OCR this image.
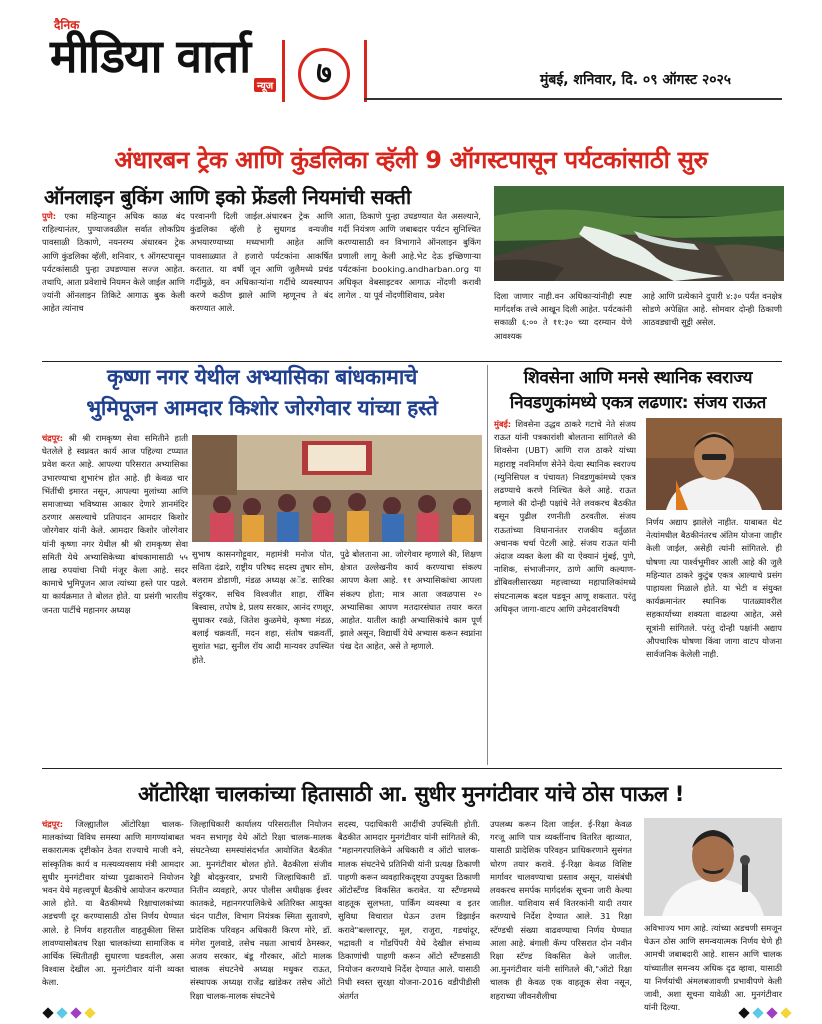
दैनिक
मीडिया वार्ता
न्यूज ७	मुंबई, शनिवार, दि. ०९ ऑगस्ट २०२५
अंधारबन ट्रेक आणि कुंडलिका व्हॅली 9 ऑगस्टपासून पर्यटकांसाठी सुरु
ऑनलाइन बुकिंग आणि इको फ्रेंडली नियमांची सक्ती

पुणे: एका महिन्याहून अधिक काळ बंद राहिल्यानंतर, पुण्याजवळील सर्वात लोकप्रिय पावसाळी ठिकाणे, नयनरम्य अंधारबन ट्रेक आणि कुंडलिका व्हॅली, शनिवार, ९ ऑगस्टपासून पर्यटकांसाठी पुन्हा उघडण्यास सज्ज आहेत. तथापि, आता प्रवेशाचे नियमन केले जाईल आणि ज्यांनी ऑनलाइन तिकिटे आगाऊ बुक केली आहेत त्यांनाच

परवानगी दिली जाईल.अंधारबन ट्रेक आणि कुंडलिका व्हॅली हे सुधागड वन्यजीव अभयारण्याच्या मध्यभागी आहेत आणि पावसाळ्यात ते हजारो पर्यटकांना आकर्षित करतात. या वर्षी जून आणि जुलैमध्ये प्रचंड गर्दीमुळे, वन अधिकाऱ्यांना गर्दीचे व्यवस्थापन करणे कठीण झाले आणि म्हणूनच ते बंद करण्यात आले.

आता, ठिकाणे पुन्हा उघडण्यात येत असल्याने, गर्दी नियंत्रण आणि जबाबदार पर्यटन सुनिश्चित करण्यासाठी वन विभागाने ऑनलाइन बुकिंग प्रणाली लागू केली आहे.भेट देऊ इच्छिणाऱ्या पर्यटकांना booking.andharban.org या अधिकृत वेबसाइटवर आगाऊ नोंदणी करावी लागेल . या पूर्व नोंदणीशिवाय, प्रवेश	दिला जाणार नाही.वन अधिकाऱ्यांनीही स्पष्ट मार्गदर्शक तत्त्वे आखून दिली आहेत. पर्यटकांनी सकाळी ६:०० ते ११:३० च्या दरम्यान येणे आवश्यक

आहे आणि प्रत्येकाने दुपारी ४:३० पर्यंत वनक्षेत्र सोडणे अपेक्षित आहे. सोमवार दोन्ही ठिकाणी आठवड्याची सुट्टी असेल.

कृष्णा नगर येथील अभ्यासिका बांधकामाचे
भुमिपूजन आमदार किशोर जोरगेवार यांच्या हस्ते

चंद्रपूर: श्री श्री रामकृष्ण सेवा समितीने हाती घेतलेले हे स्वप्नवत कार्य आज पहिल्या टप्प्यात प्रवेश करत आहे. आपल्या परिसरात अभ्यासिका उभारण्याचा शुभारंभ होत आहे. ही केवळ चार भिंतींची इमारत नसून, आपल्या मुलांच्या आणि समाजाच्या भविष्यास आकार देणारे ज्ञानमंदिर ठरणार असल्याचे प्रतिपादन आमदार किशोर जोरगेवार यांनी केले. आमदार किशोर जोरगेवार यांनी कृष्णा नगर येथील श्री श्री रामकृष्ण सेवा समिती येथे अभ्यासिकेच्या बांधकामासाठी ५५ लाख रुपयांचा निधी मंजूर केला आहे. सदर कामाचे भुमिपूजन आज त्यांच्या हस्ते पार पडले. या कार्यक्रमात ते बोलत होते. या प्रसंगी भारतीय जनता पार्टीचे महानगर अध्यक्ष

सुभाष कासनगोट्टूवार, महामंत्री मनोज पोत, सविता दंढारे, राष्ट्रीय परिषद सदस्य तुषार सोम, बलराम डोडाणी, मंडळ अध्यक्ष अॅड. सारिका संदुरकर, सचिव विश्वजीत शाहा, रॉबिन बिस्वास, तपोष डे, प्रलय सरकार, आनंद रणशूर, सुधाकर रवळे, जितेश कुळमेथे, कृष्णा मंडळ, बलाई चक्रवर्ती, मदन शहा, संतोष चक्रवर्ती, सुशांत भद्रा, सुनील रॉय आदी मान्यवर उपस्थित होते.

पुढे बोलताना आ. जोरगेवार म्हणाले की, शिक्षण क्षेत्रात उल्लेखनीय कार्य करण्याचा संकल्प आपण केला आहे. ११ अभ्यासिकांचा आपला संकल्प होता; मात्र आता जवळपास २० अभ्यासिका आपण मतदारसंघात तयार करत आहोत. यातील काही अभ्यासिकांचे काम पूर्ण झाले असून, विद्यार्थी येथे अभ्यास करून स्वप्नांना पंख देत आहेत, असे ते म्हणाले.

शिवसेना आणि मनसे स्थानिक स्वराज्य
निवडणुकांमध्ये एकत्र लढणार: संजय राऊत

मुंबई: शिवसेना उद्धव ठाकरे गटाचे नेते संजय राऊत यांनी पत्रकारांशी बोलताना सांगितले की शिवसेना (UBT) आणि राज ठाकरे यांच्या महाराष्ट्र नवनिर्माण सेनेने येत्या स्थानिक स्वराज्य (म्युनिसिपल व पंचायत) निवडणुकांमध्ये एकत्र लढण्याचे करणे निश्चित केले आहे. राऊत म्हणाले की दोन्ही पक्षांचे नेते लवकरच बैठकीत बसून पुढील रणनीती ठरवतील. संजय राऊतांच्या विधानानंतर राजकीय वर्तुळात अचानक चर्चा पेटली आहे. संजय राऊत यांनी अंदाज व्यक्त केला की या ऐक्यानं मुंबई, पुणे, नाशिक, संभाजीनगर, ठाणे आणि कल्याण-डोंबिवलीसारख्या महत्त्वाच्या महापालिकांमध्ये संघटनात्मक बदल घडवून आणू शकतात. परंतु अधिकृत जागा-वाटप आणि उमेदवारविषयी

निर्णय अद्याप झालेले नाहीत. याबाबत थेट नेत्यांमधील बैठकीनंतरच अंतिम योजना जाहीर केली जाईल, असेही त्यांनी सांगितले. ही घोषणा त्या पार्श्वभूमीवर आली आहे की जुलै महिन्यात ठाकरे कुटुंब एकत्र आल्याचे प्रसंग पाहायला मिळाले होते. या भेटी व संयुक्त कार्यक्रमानंतर स्थानिक पातळ्यावरील सहकार्याच्या शक्यता वाढल्या आहेत, असे सूत्रांनी सांगितले. परंतु दोन्ही पक्षांनी अद्याप औपचारिक घोषणा किंवा जागा वाटप योजना सार्वजनिक केलेली नाही.

ऑटोरिक्षा चालकांच्या हितासाठी आ. सुधीर मुनगंटीवार यांचे ठोस पाऊल !

चंद्रपूर: जिल्ह्यातील ऑटोरिक्षा चालक-मालकांच्या विविध समस्या आणि मागण्यांबाबत सकारात्मक दृष्टीकोन ठेवत राज्याचे माजी वने, सांस्कृतिक कार्य व मत्स्यव्यवसाय मंत्री आमदार सुधीर मुनगंटीवार यांच्या पुढाकाराने नियोजन भवन येथे महत्त्वपूर्ण बैठकीचे आयोजन करण्यात आले होते. या बैठकीमध्ये रिक्षाचालकांच्या अडचणी दूर करण्यासाठी ठोस निर्णय घेण्यात आले. हे निर्णय शहरातील वाहतुकीला शिस्त लावण्यासोबतच रिक्षा चालकांच्या सामाजिक व आर्थिक स्थितीतही सुधारणा घडवतील, असा विश्वास देखील आ. मुनगंटीवार यांनी व्यक्त केला.

जिल्हाधिकारी कार्यालय परिसरातील नियोजन भवन सभागृह येथे ऑटो रिक्षा चालक-मालक संघटनेच्या समस्यांसंदर्भात आयोजित बैठकीत आ. मुनगंटीवार बोलत होते. बैठकीला संजीव रेड्डी बोदकुरवार, प्रभारी जिल्हाधिकारी डॉ. नितीन व्यवहारे, अपर पोलीस अधीक्षक ईश्वर कातकडे, महानगरपालिकेचे अतिरिक्त आयुक्त चंदन पाटील, विभाग नियंत्रक स्मिता सुतावणे, प्रादेशिक परिवहन अधिकारी किरण मोरे, डॉ. मंगेश गुलवाडे, तसेच नम्रता आचार्य ठेमस्कर, अजय सरकार, बंडू गौरकार, ऑटो मालक चालक संघटनेचे अध्यक्ष मधुकर राऊत, संस्थापक अध्यक्ष राजेंद्र खांडेकर तसेच ऑटो रिक्षा चालक-मालक संघटनेचे

सदस्य, पदाधिकारी आदींची उपस्थिती होती. बैठकीत आमदार मुनगंटीवार यांनी सांगितले की, "महानगरपालिकेने अधिकारी व ऑटो चालक-मालक संघटनेचे प्रतिनिधी यांनी प्रत्यक्ष ठिकाणी पाहणी करून व्यवहारिकदृष्ट्या उपयुक्त ठिकाणी ऑटोस्टँण्ड विकसित करावेत. या स्टँण्डमध्ये वाहतूक सुलभता, पार्किंग व्यवस्था व इतर सुविधा विचारात घेऊन उत्तम डिझाईन करावे"बल्लारपूर, मूल, राजुरा, गडचांदूर, भद्रावती व गोंडपिंपरी येथे देखील संभाव्य ठिकाणांची पाहणी करून ऑटो स्टँण्डसाठी नियोजन करण्याचे निर्देश देण्यात आले. यासाठी निधी स्वस्त सुरक्षा योजना-2016 वडीपीडीसी अंतर्गत

उपलब्ध करून दिला जाईल. ई-रिक्षा केवळ गरजू आणि पात्र व्यक्तींनाच वितरित व्हाव्यात, यासाठी प्रादेशिक परिवहन प्राधिकरणाने सुसंगत धोरण तयार करावे. ई-रिक्षा केवळ विशिष्ट मार्गावर चालवण्याचा प्रस्ताव असून, यासंबंधी लवकरच समर्पक मार्गदर्शक सूचना जारी केल्या जातील. याशिवाय सर्व वितरकांनी यादी तयार करण्याचे निर्देश देण्यात आले. 31 रिक्षा स्टॅण्डची संख्या वाढवण्याचा निर्णय घेण्यात आला आहे. बंगाली कॅम्प परिसरात दोन नवीन रिक्षा स्टॅण्ड विकसित केले जातील. आ.मुनगंटीवार यांनी सांगितले की,"ऑटो रिक्षा चालक ही केवळ एक वाहतूक सेवा नसून, शहराच्या जीवनशैलीचा

अविभाज्य भाग आहे. त्यांच्या अडचणी समजून घेऊन ठोस आणि समन्वयात्मक निर्णय घेणे ही आमची जबाबदारी आहे. शासन आणि चालक यांच्यातील समन्वय अधिक दृढ व्हावा, यासाठी या निर्णयांची अंमलबजावणी प्रभावीपणे केली जावी, अशा सूचना यावेळी आ. मुनगंटीवार यांनी दिल्या.
